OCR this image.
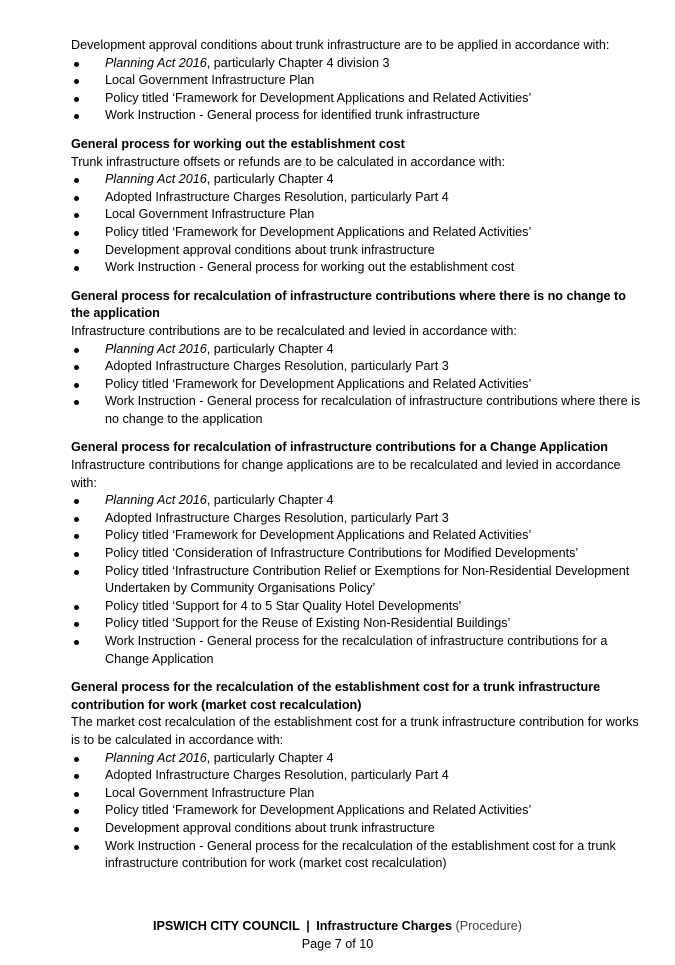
Development approval conditions about trunk infrastructure are to be applied in accordance with:
Planning Act 2016, particularly Chapter 4 division 3
Local Government Infrastructure Plan
Policy titled ‘Framework for Development Applications and Related Activities’
Work Instruction - General process for identified trunk infrastructure
General process for working out the establishment cost
Trunk infrastructure offsets or refunds are to be calculated in accordance with:
Planning Act 2016, particularly Chapter 4
Adopted Infrastructure Charges Resolution, particularly Part 4
Local Government Infrastructure Plan
Policy titled ‘Framework for Development Applications and Related Activities’
Development approval conditions about trunk infrastructure
Work Instruction - General process for working out the establishment cost
General process for recalculation of infrastructure contributions where there is no change to the application
Infrastructure contributions are to be recalculated and levied in accordance with:
Planning Act 2016, particularly Chapter 4
Adopted Infrastructure Charges Resolution, particularly Part 3
Policy titled ‘Framework for Development Applications and Related Activities’
Work Instruction - General process for recalculation of infrastructure contributions where there is no change to the application
General process for recalculation of infrastructure contributions for a Change Application
Infrastructure contributions for change applications are to be recalculated and levied in accordance with:
Planning Act 2016, particularly Chapter 4
Adopted Infrastructure Charges Resolution, particularly Part 3
Policy titled ‘Framework for Development Applications and Related Activities’
Policy titled ‘Consideration of Infrastructure Contributions for Modified Developments’
Policy titled ‘Infrastructure Contribution Relief or Exemptions for Non-Residential Development Undertaken by Community Organisations Policy’
Policy titled ‘Support for 4 to 5 Star Quality Hotel Developments’
Policy titled ‘Support for the Reuse of Existing Non-Residential Buildings’
Work Instruction - General process for the recalculation of infrastructure contributions for a Change Application
General process for the recalculation of the establishment cost for a trunk infrastructure contribution for work (market cost recalculation)
The market cost recalculation of the establishment cost for a trunk infrastructure contribution for works is to be calculated in accordance with:
Planning Act 2016, particularly Chapter 4
Adopted Infrastructure Charges Resolution, particularly Part 4
Local Government Infrastructure Plan
Policy titled ‘Framework for Development Applications and Related Activities’
Development approval conditions about trunk infrastructure
Work Instruction - General process for the recalculation of the establishment cost for a trunk infrastructure contribution for work (market cost recalculation)
IPSWICH CITY COUNCIL | Infrastructure Charges (Procedure)
Page 7 of 10
